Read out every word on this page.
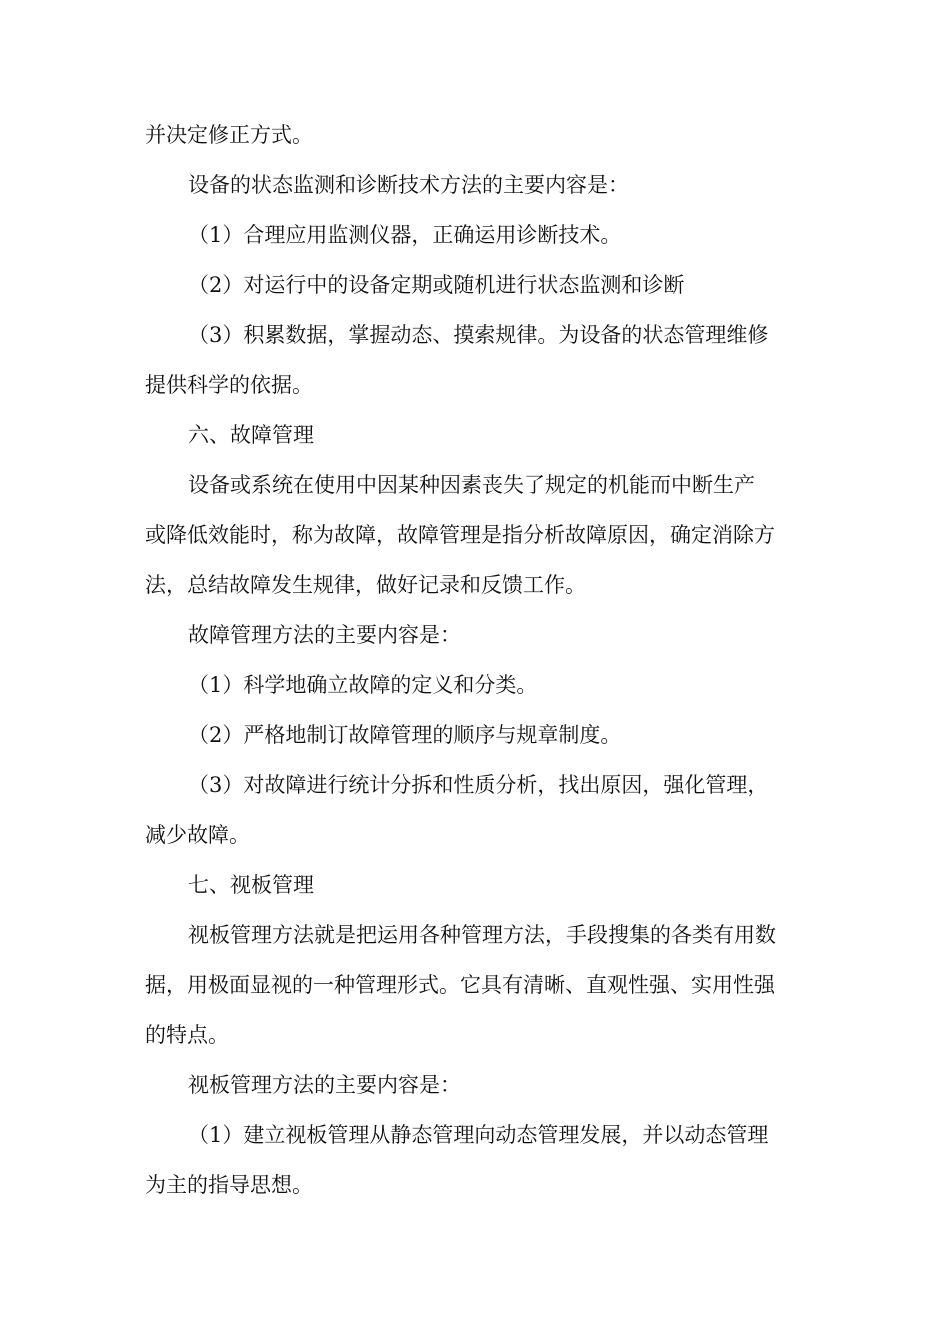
并决定修正方式。
设备的状态监测和诊断技术方法的主要内容是：
（1）合理应用监测仪器，正确运用诊断技术。
（2）对运行中的设备定期或随机进行状态监测和诊断
（3）积累数据，掌握动态、摸索规律。为设备的状态管理维修
提供科学的依据。
六、故障管理
设备或系统在使用中因某种因素丧失了规定的机能而中断生产
或降低效能时，称为故障，故障管理是指分析故障原因，确定消除方
法，总结故障发生规律，做好记录和反馈工作。
故障管理方法的主要内容是：
（1）科学地确立故障的定义和分类。
（2）严格地制订故障管理的顺序与规章制度。
（3）对故障进行统计分拆和性质分析，找出原因，强化管理，
减少故障。
七、视板管理
视板管理方法就是把运用各种管理方法，手段搜集的各类有用数
据，用极面显视的一种管理形式。它具有清晰、直观性强、实用性强
的特点。
视板管理方法的主要内容是：
（1）建立视板管理从静态管理向动态管理发展，并以动态管理
为主的指导思想。
